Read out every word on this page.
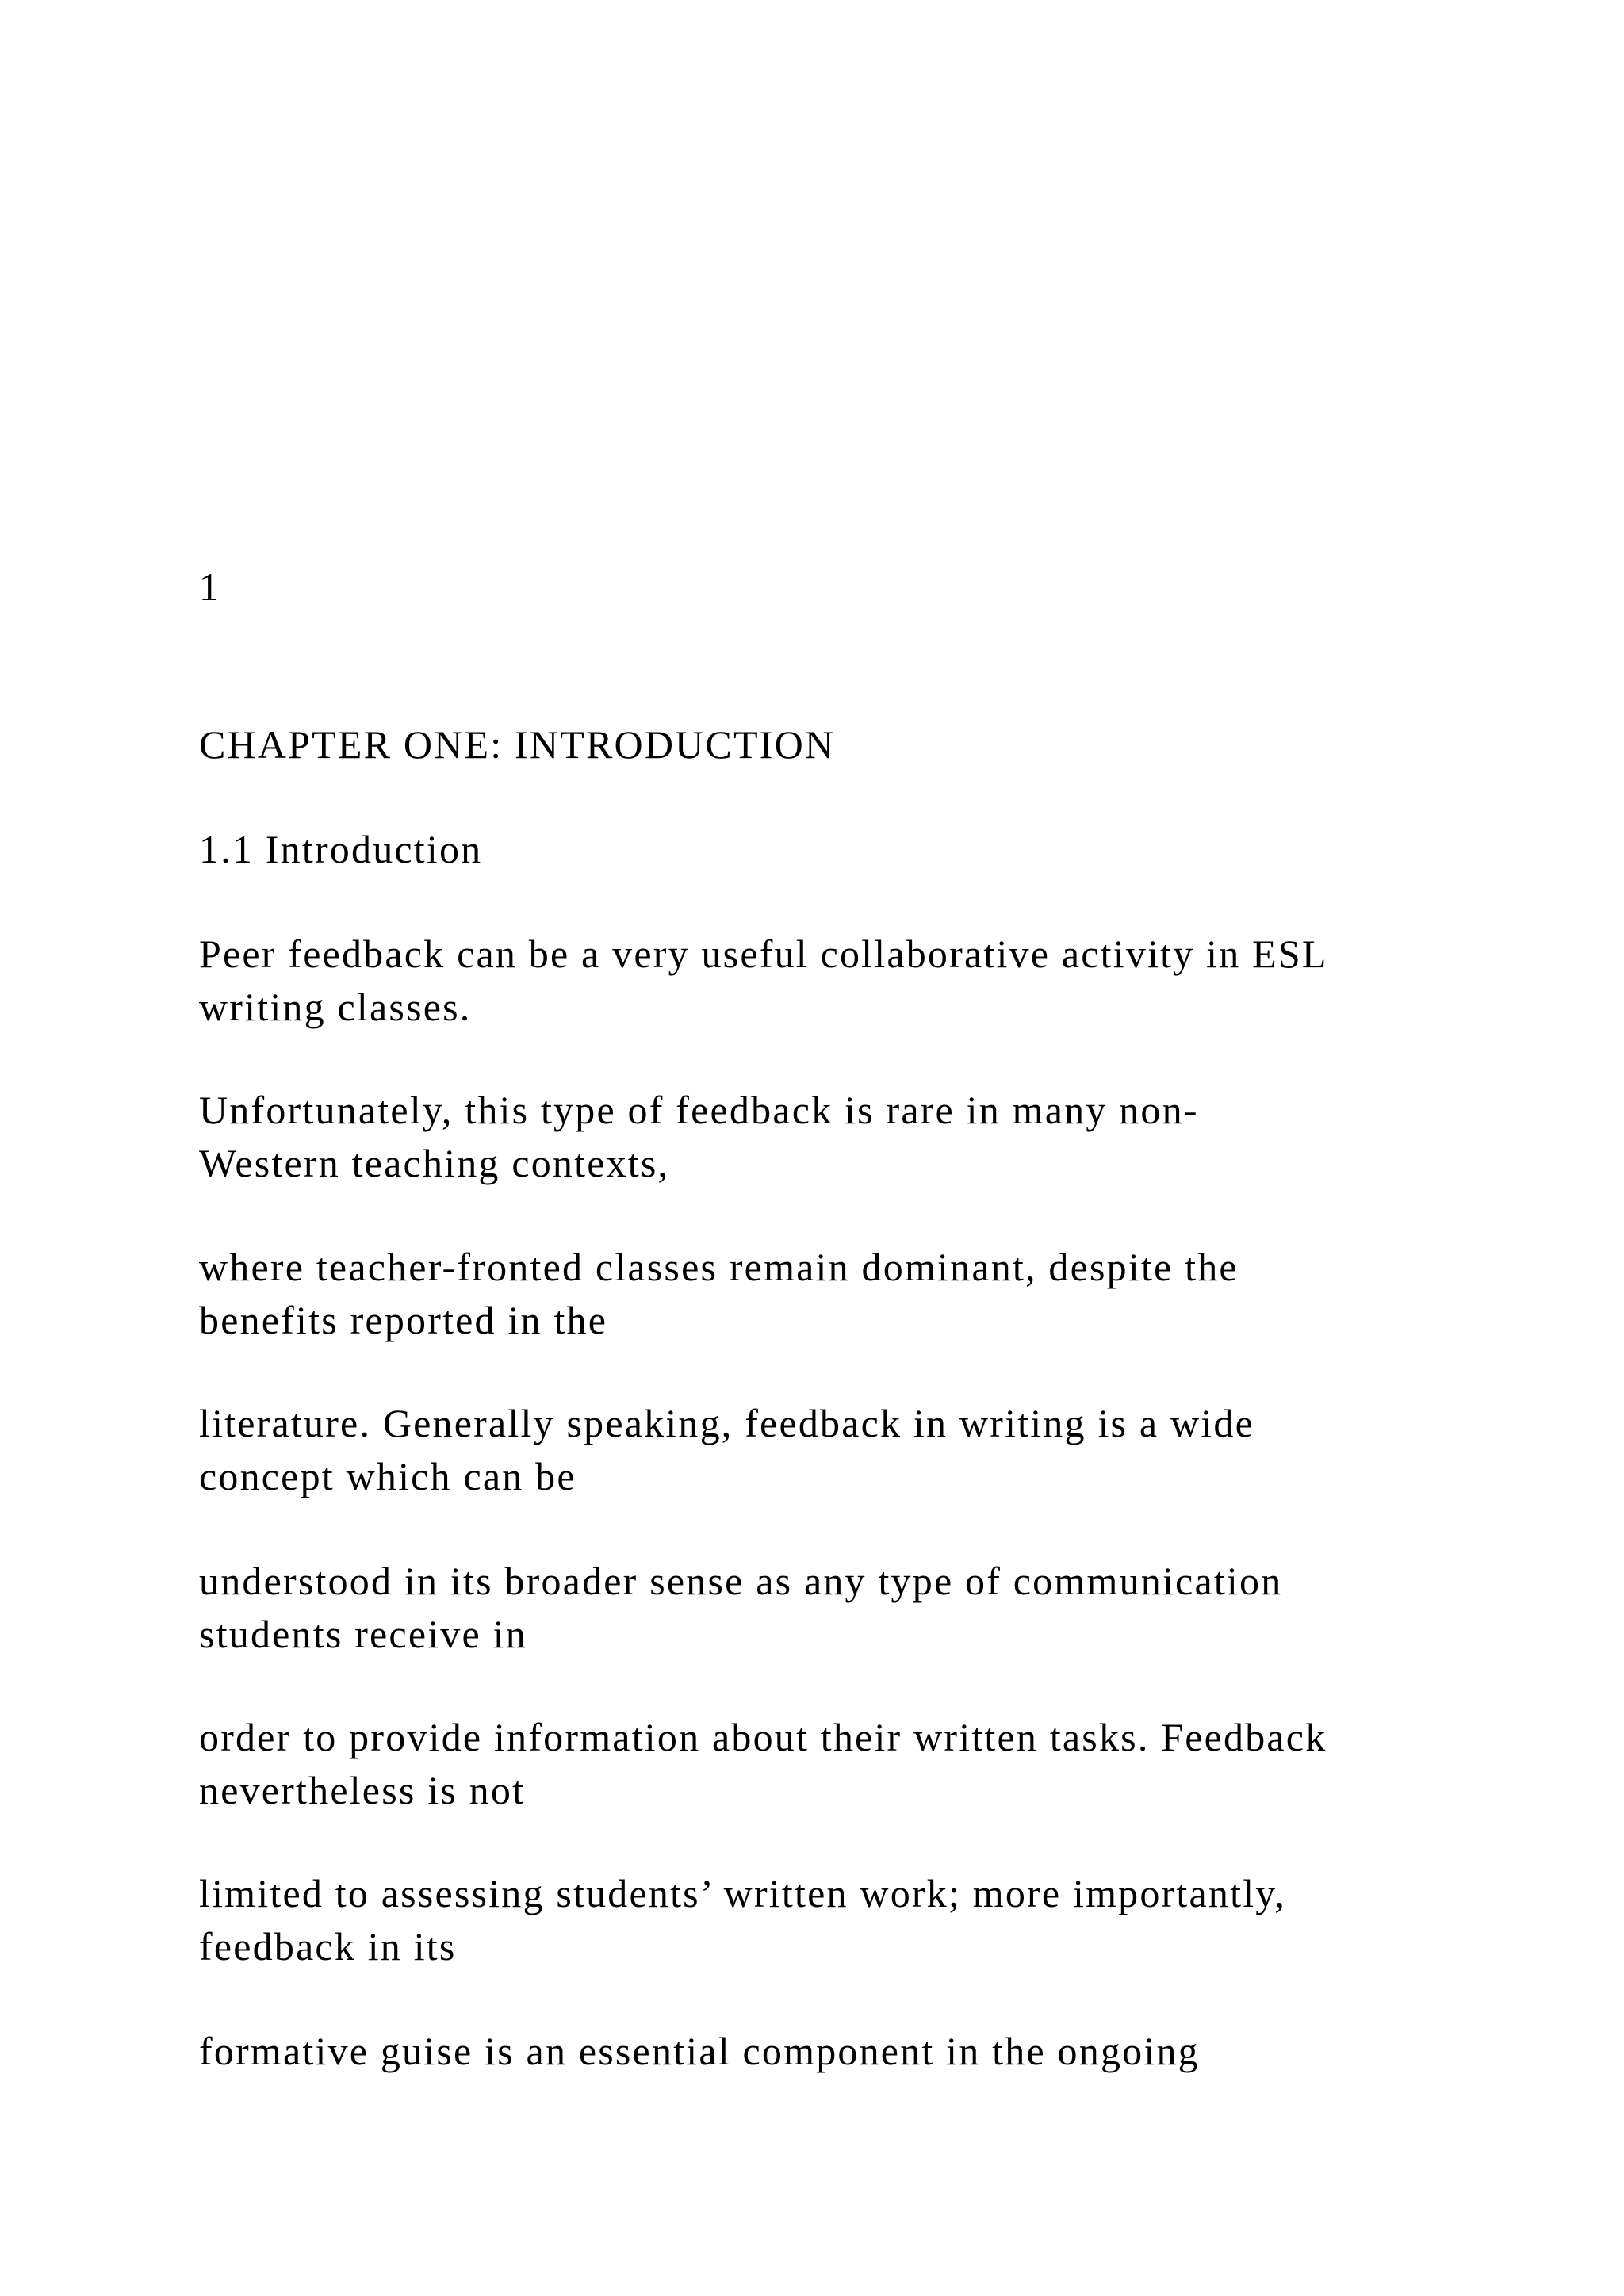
1
CHAPTER ONE: INTRODUCTION
1.1 Introduction
Peer feedback can be a very useful collaborative activity in ESL
writing classes.
Unfortunately, this type of feedback is rare in many non-
Western teaching contexts,
where teacher-fronted classes remain dominant, despite the
benefits reported in the
literature. Generally speaking, feedback in writing is a wide
concept which can be
understood in its broader sense as any type of communication
students receive in
order to provide information about their written tasks. Feedback
nevertheless is not
limited to assessing students’ written work; more importantly,
feedback in its
formative guise is an essential component in the ongoing
